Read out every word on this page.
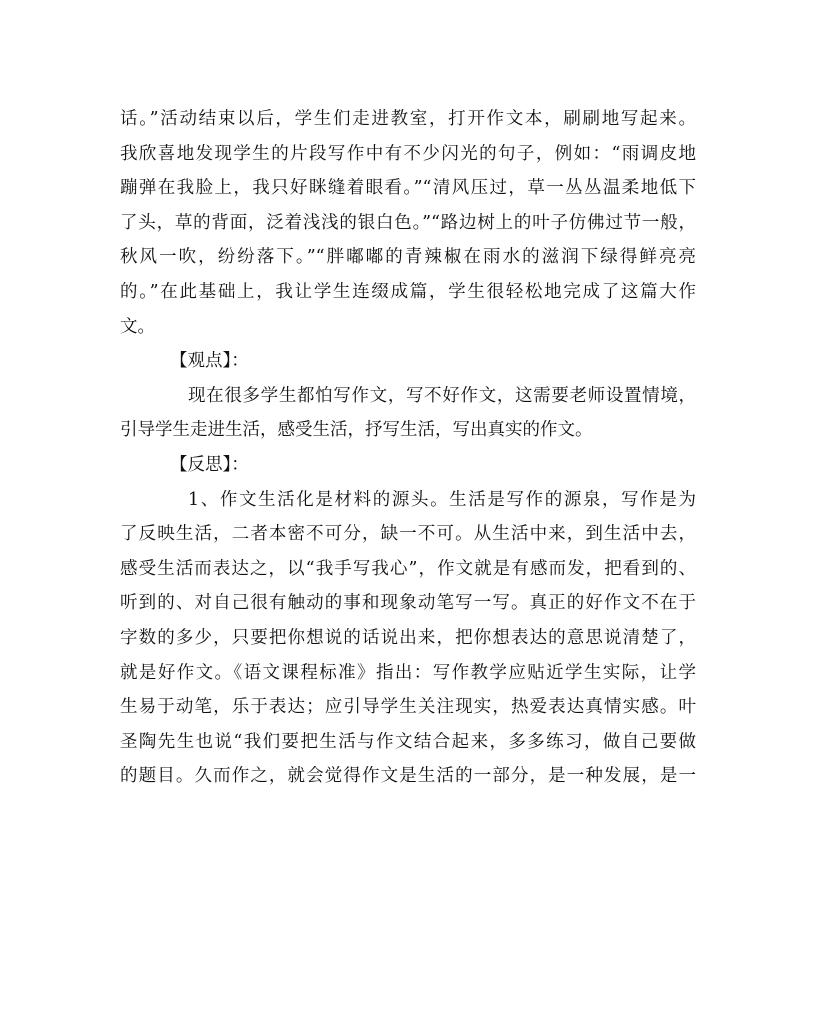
话。”活动结束以后，学生们走进教室，打开作文本，刷刷地写起来。
我欣喜地发现学生的片段写作中有不少闪光的句子，例如：“雨调皮地
蹦弹在我脸上，我只好眯缝着眼看。”“清风压过，草一丛丛温柔地低下
了头，草的背面，泛着浅浅的银白色。”“路边树上的叶子仿佛过节一般，
秋风一吹，纷纷落下。”“胖嘟嘟的青辣椒在雨水的滋润下绿得鲜亮亮
的。”在此基础上，我让学生连缀成篇，学生很轻松地完成了这篇大作
文。
【观点】：
现在很多学生都怕写作文，写不好作文，这需要老师设置情境，
引导学生走进生活，感受生活，抒写生活，写出真实的作文。
【反思】：
1、作文生活化是材料的源头。生活是写作的源泉，写作是为
了反映生活，二者本密不可分，缺一不可。从生活中来，到生活中去，
感受生活而表达之，以“我手写我心”，作文就是有感而发，把看到的、
听到的、对自己很有触动的事和现象动笔写一写。真正的好作文不在于
字数的多少，只要把你想说的话说出来，把你想表达的意思说清楚了，
就是好作文。《语文课程标准》指出：写作教学应贴近学生实际，让学
生易于动笔，乐于表达；应引导学生关注现实，热爱表达真情实感。叶
圣陶先生也说“我们要把生活与作文结合起来，多多练习，做自己要做
的题目。久而作之，就会觉得作文是生活的一部分，是一种发展，是一
